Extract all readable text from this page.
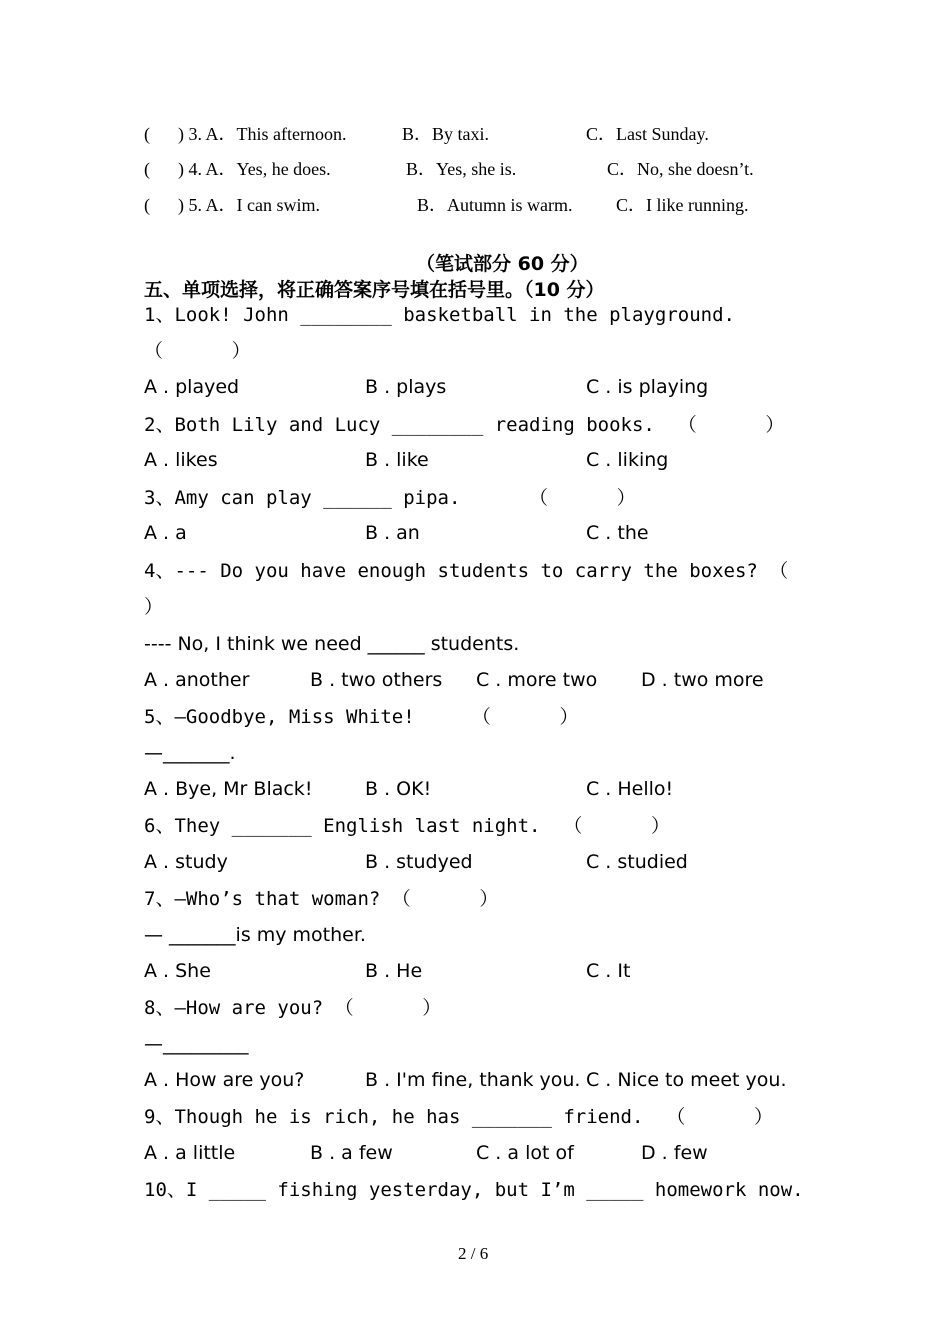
( ) 3. A．This afternoon.	B．By taxi.	C．Last Sunday.
( ) 4. A．Yes, he does.	B．Yes, she is.	C．No, she doesn’t.
( ) 5. A．I can swim.	B．Autumn is warm. C．I like running.
（笔试部分 60 分）
五、单项选择，将正确答案序号填在括号里。（10 分）
1、Look! John ________ basketball in the playground.
（      ）
A . played	B . plays	C . is playing
2、Both Lily and Lucy ________ reading books.  （      ）
A . likes	B . like	C . liking
3、Amy can play ______ pipa.      （      ）
A . a	B . an	C . the
4、--- Do you have enough students to carry the boxes? （
）
---- No, I think we need ______ students.
A . another	B . two others C . more two D . two more
5、—Goodbye, Miss White!     （      ）
—_______.
A . Bye, Mr Black!	B . OK!	C . Hello!
6、They _______ English last night.  （      ）
A . study	B . studyed	C . studied
7、—Who’s that woman? （      ）
— _______is my mother.
A . She	B . He	C . It
8、—How are you? （      ）
—_________
A . How are you?	B . I'm fine, thank you. C . Nice to meet you.
9、Though he is rich, he has _______ friend.  （      ）
A . a little	B . a few	C . a lot of	D . few
10、I _____ fishing yesterday, but I’m _____ homework now.
2 / 6
